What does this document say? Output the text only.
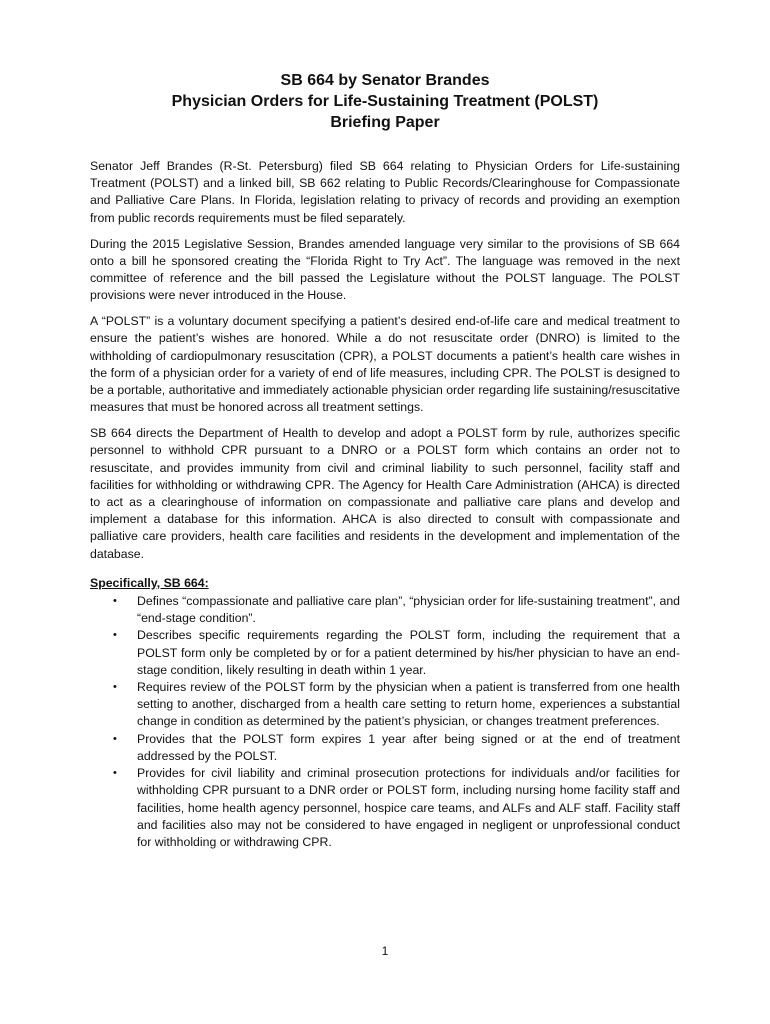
SB 664 by Senator Brandes
Physician Orders for Life-Sustaining Treatment (POLST)
Briefing Paper

Senator Jeff Brandes (R-St. Petersburg) filed SB 664 relating to Physician Orders for Life-sustaining Treatment (POLST) and a linked bill, SB 662 relating to Public Records/Clearinghouse for Compassionate and Palliative Care Plans. In Florida, legislation relating to privacy of records and providing an exemption from public records requirements must be filed separately.

During the 2015 Legislative Session, Brandes amended language very similar to the provisions of SB 664 onto a bill he sponsored creating the “Florida Right to Try Act”. The language was removed in the next committee of reference and the bill passed the Legislature without the POLST language. The POLST provisions were never introduced in the House.

A “POLST” is a voluntary document specifying a patient’s desired end-of-life care and medical treatment to ensure the patient’s wishes are honored. While a do not resuscitate order (DNRO) is limited to the withholding of cardiopulmonary resuscitation (CPR), a POLST documents a patient’s health care wishes in the form of a physician order for a variety of end of life measures, including CPR. The POLST is designed to be a portable, authoritative and immediately actionable physician order regarding life sustaining/resuscitative measures that must be honored across all treatment settings.

SB 664 directs the Department of Health to develop and adopt a POLST form by rule, authorizes specific personnel to withhold CPR pursuant to a DNRO or a POLST form which contains an order not to resuscitate, and provides immunity from civil and criminal liability to such personnel, facility staff and facilities for withholding or withdrawing CPR. The Agency for Health Care Administration (AHCA) is directed to act as a clearinghouse of information on compassionate and palliative care plans and develop and implement a database for this information. AHCA is also directed to consult with compassionate and palliative care providers, health care facilities and residents in the development and implementation of the database.

Specifically, SB 664:
• Defines “compassionate and palliative care plan”, “physician order for life-sustaining treatment”, and “end-stage condition”.
• Describes specific requirements regarding the POLST form, including the requirement that a POLST form only be completed by or for a patient determined by his/her physician to have an end-stage condition, likely resulting in death within 1 year.
• Requires review of the POLST form by the physician when a patient is transferred from one health setting to another, discharged from a health care setting to return home, experiences a substantial change in condition as determined by the patient’s physician, or changes treatment preferences.
• Provides that the POLST form expires 1 year after being signed or at the end of treatment addressed by the POLST.
• Provides for civil liability and criminal prosecution protections for individuals and/or facilities for withholding CPR pursuant to a DNR order or POLST form, including nursing home facility staff and facilities, home health agency personnel, hospice care teams, and ALFs and ALF staff. Facility staff and facilities also may not be considered to have engaged in negligent or unprofessional conduct for withholding or withdrawing CPR.
1
